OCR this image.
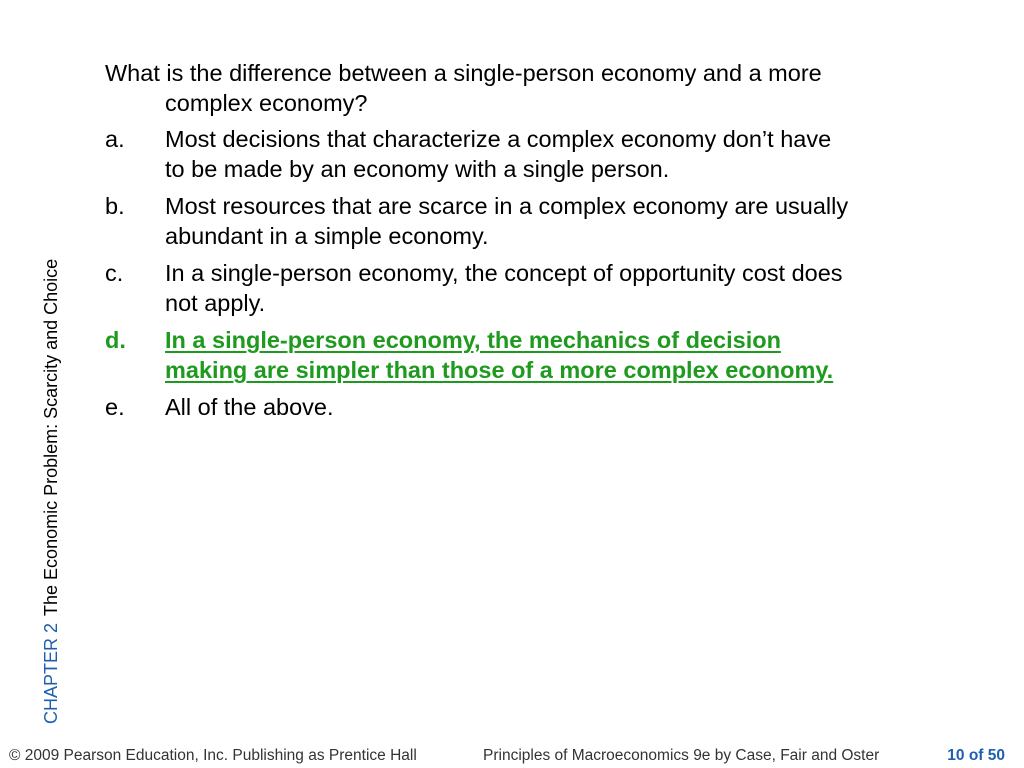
CHAPTER 2The Economic Problem: Scarcity and Choice

What is the difference between a single-person economy and a more complex economy?

a. Most decisions that characterize a complex economy don’t have to be made by an economy with a single person.
b. Most resources that are scarce in a complex economy are usually abundant in a simple economy.
c. In a single-person economy, the concept of opportunity cost does not apply.
d. In a single-person economy, the mechanics of decision making are simpler than those of a more complex economy.
e. All of the above.
© 2009 Pearson Education, Inc. Publishing as Prentice Hall	Principles of Macroeconomics 9e by Case, Fair and Oster	10 of 50
